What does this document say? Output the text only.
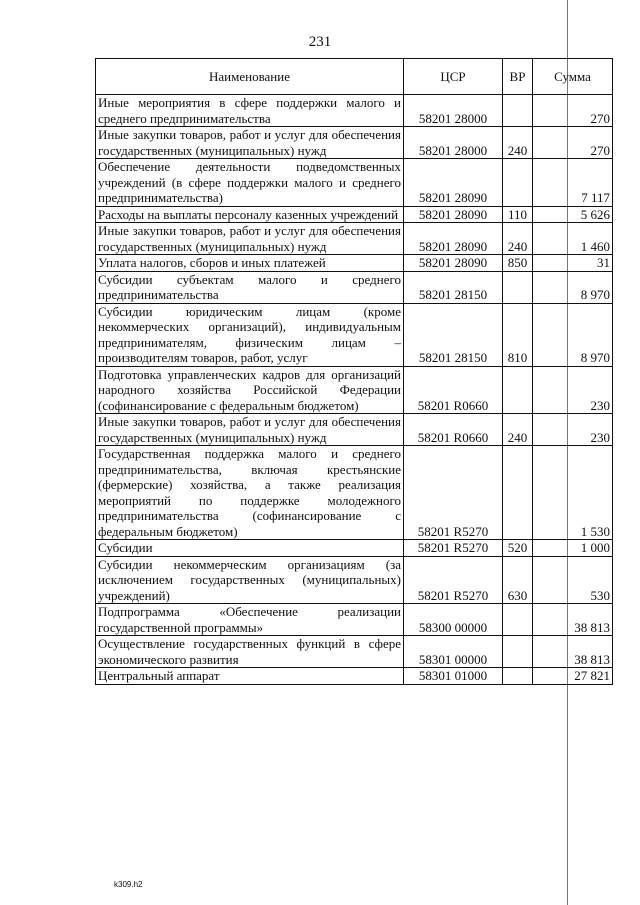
231
Наименование	ЦСР	ВР	Сумма
Иные мероприятия в сфере поддержки малого и среднего предпринимательства	58201 28000		270
Иные закупки товаров, работ и услуг для обеспечения государственных (муниципальных) нужд	58201 28000	240	270
Обеспечение деятельности подведомственных учреждений (в сфере поддержки малого и среднего предпринимательства)	58201 28090		7 117
Расходы на выплаты персоналу казенных учреждений	58201 28090	110	5 626
Иные закупки товаров, работ и услуг для обеспечения государственных (муниципальных) нужд	58201 28090	240	1 460
Уплата налогов, сборов и иных платежей	58201 28090	850	31
Субсидии субъектам малого и среднего предпринимательства	58201 28150		8 970
Субсидии юридическим лицам (кроме некоммерческих организаций), индивидуальным предпринимателям, физическим лицам – производителям товаров, работ, услуг	58201 28150	810	8 970
Подготовка управленческих кадров для организаций народного хозяйства Российской Федерации (софинансирование с федеральным бюджетом)	58201 R0660		230
Иные закупки товаров, работ и услуг для обеспечения государственных (муниципальных) нужд	58201 R0660	240	230
Государственная поддержка малого и среднего предпринимательства, включая крестьянские (фермерские) хозяйства, а также реализация мероприятий по поддержке молодежного предпринимательства (софинансирование с федеральным бюджетом)	58201 R5270		1 530
Субсидии	58201 R5270	520	1 000
Субсидии некоммерческим организациям (за исключением государственных (муниципальных) учреждений)	58201 R5270	630	530
Подпрограмма «Обеспечение реализации государственной программы»	58300 00000		38 813
Осуществление государственных функций в сфере экономического развития	58301 00000		38 813
Центральный аппарат	58301 01000		27 821
k309.h2
